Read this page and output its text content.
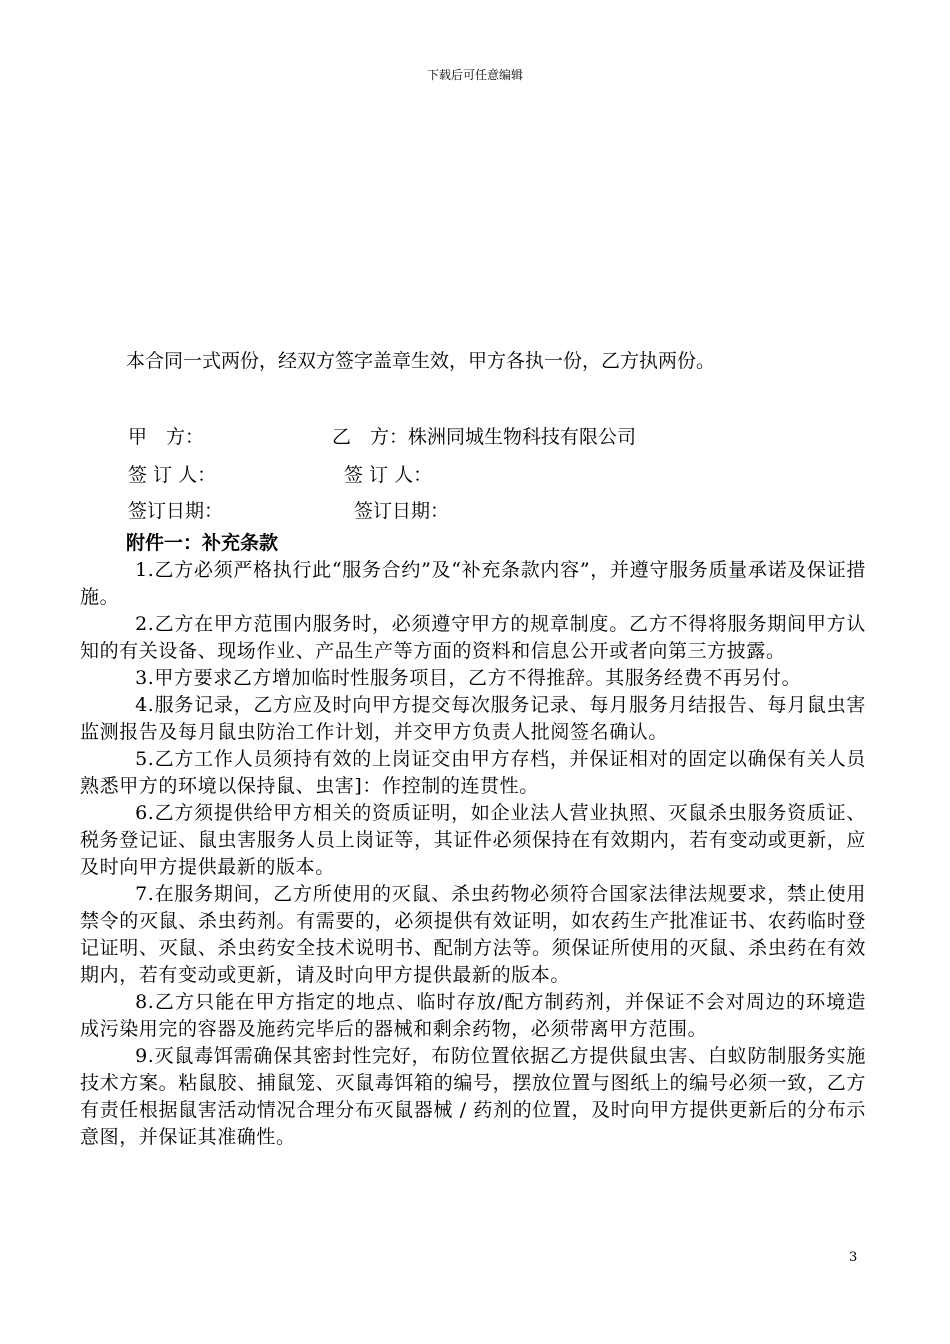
下载后可任意编辑
本合同一式两份，经双方签字盖章生效，甲方各执一份，乙方执两份。
甲　方：	乙　方：株洲同城生物科技有限公司
签 订 人：	签 订 人：
签订日期：	签订日期：

附件一：补充条款

1.乙方必须严格执行此“服务合约”及“补充条款内容”，并遵守服务质量承诺及保证措施。

2.乙方在甲方范围内服务时，必须遵守甲方的规章制度。乙方不得将服务期间甲方认知的有关设备、现场作业、产品生产等方面的资料和信息公开或者向第三方披露。

3.甲方要求乙方增加临时性服务项目，乙方不得推辞。其服务经费不再另付。

4.服务记录，乙方应及时向甲方提交每次服务记录、每月服务月结报告、每月鼠虫害监测报告及每月鼠虫防治工作计划，并交甲方负责人批阅签名确认。

5.乙方工作人员须持有效的上岗证交由甲方存档，并保证相对的固定以确保有关人员熟悉甲方的环境以保持鼠、虫害]：作控制的连贯性。

6.乙方须提供给甲方相关的资质证明，如企业法人营业执照、灭鼠杀虫服务资质证、税务登记证、鼠虫害服务人员上岗证等，其证件必须保持在有效期内，若有变动或更新，应及时向甲方提供最新的版本。

7.在服务期间，乙方所使用的灭鼠、杀虫药物必须符合国家法律法规要求，禁止使用禁令的灭鼠、杀虫药剂。有需要的，必须提供有效证明，如农药生产批准证书、农药临时登记证明、灭鼠、杀虫药安全技术说明书、配制方法等。须保证所使用的灭鼠、杀虫药在有效期内，若有变动或更新，请及时向甲方提供最新的版本。

8.乙方只能在甲方指定的地点、临时存放/配方制药剂，并保证不会对周边的环境造成污染用完的容器及施药完毕后的器械和剩余药物，必须带离甲方范围。

9.灭鼠毒饵需确保其密封性完好，布防位置依据乙方提供鼠虫害、白蚁防制服务实施技术方案。粘鼠胶、捕鼠笼、灭鼠毒饵箱的编号，摆放位置与图纸上的编号必须一致，乙方有责任根据鼠害活动情况合理分布灭鼠器械 / 药剂的位置，及时向甲方提供更新后的分布示意图，并保证其准确性。

3
